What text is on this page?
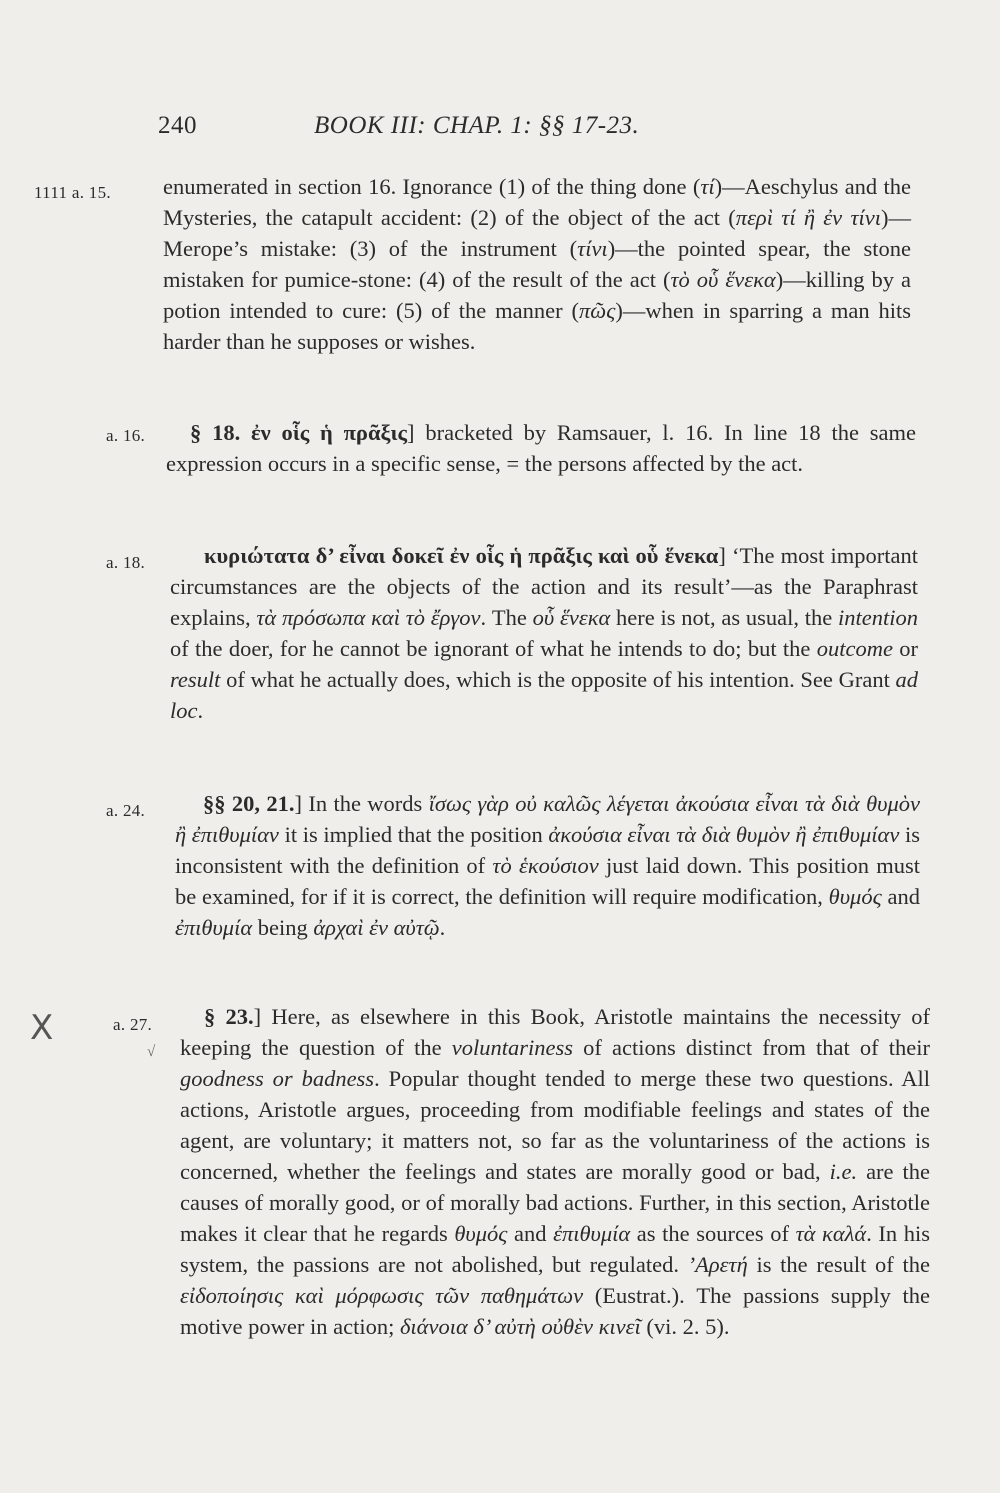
240	BOOK III: CHAP. 1: §§ 17-23.
X
√
1111 a. 15. enumerated in section 16. Ignorance (1) of the thing done (τί)—Aeschylus and the Mysteries, the catapult accident: (2) of the object of the act (περὶ τί ἢ ἐν τίνι)—Merope’s mistake: (3) of the instrument (τίνι)—the pointed spear, the stone mistaken for pumice-stone: (4) of the result of the act (τὸ οὗ ἕνεκα)—killing by a potion intended to cure: (5) of the manner (πῶς)—when in sparring a man hits harder than he supposes or wishes.
a. 16.	§ 18. ἐν οἷς ἡ πρᾶξις] bracketed by Ramsauer, l. 16. In line 18 the same expression occurs in a specific sense, = the persons affected by the act.
a. 18.	κυριώτατα δ’ εἶναι δοκεῖ ἐν οἷς ἡ πρᾶξις καὶ οὗ ἕνεκα] ‘The most important circumstances are the objects of the action and its result’—as the Paraphrast explains, τὰ πρόσωπα καὶ τὸ ἔργον. The οὗ ἕνεκα here is not, as usual, the intention of the doer, for he cannot be ignorant of what he intends to do; but the outcome or result of what he actually does, which is the opposite of his intention. See Grant ad loc.
a. 24.	§§ 20, 21.] In the words ἴσως γὰρ οὐ καλῶς λέγεται ἀκούσια εἶναι τὰ διὰ θυμὸν ἢ ἐπιθυμίαν it is implied that the position ἀκούσια εἶναι τὰ διὰ θυμὸν ἢ ἐπιθυμίαν is inconsistent with the definition of τὸ ἑκούσιον just laid down. This position must be examined, for if it is correct, the definition will require modification, θυμός and ἐπιθυμία being ἀρχαὶ ἐν αὐτῷ.
a. 27.	§ 23.] Here, as elsewhere in this Book, Aristotle maintains the necessity of keeping the question of the voluntariness of actions distinct from that of their goodness or badness. Popular thought tended to merge these two questions. All actions, Aristotle argues, proceeding from modifiable feelings and states of the agent, are voluntary; it matters not, so far as the voluntariness of the actions is concerned, whether the feelings and states are morally good or bad, i.e. are the causes of morally good, or of morally bad actions. Further, in this section, Aristotle makes it clear that he regards θυμός and ἐπιθυμία as the sources of τὰ καλά. In his system, the passions are not abolished, but regulated. ’Αρετή is the result of the εἰδοποίησις καὶ μόρφωσις τῶν παθημάτων (Eustrat.). The passions supply the motive power in action; διάνοια δ’ αὐτὴ οὐθὲν κινεῖ (vi. 2. 5).
